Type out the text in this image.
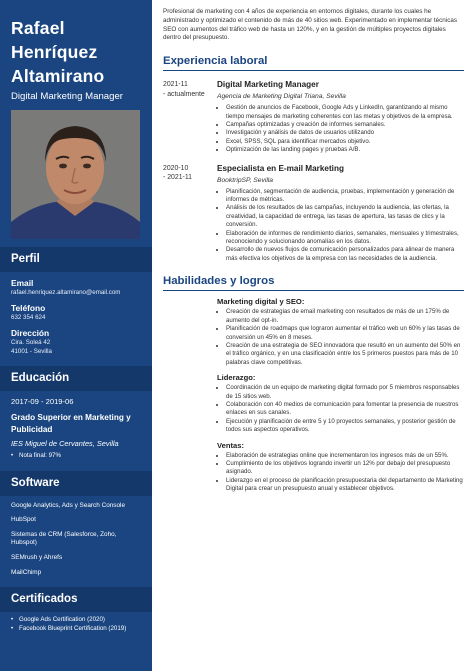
Rafael
Henríquez
Altamirano
Digital Marketing Manager
Perfil
Email
rafael.henriquez.altamirano@email.com
Teléfono
632 354 624
Dirección
Cira. Soleá 42
41001 - Sevilla
Educación
2017-09 - 2019-06
Grado Superior en Marketing y Publicidad
IES Miguel de Cervantes, Sevilla
• Nota final: 97%
Software
Google Analytics, Ads y Search Console
HubSpot
Sistemas de CRM (Salesforce, Zoho, Hubspot)
SEMrush y Ahrefs
MailChimp
Certificados
• Google Ads Certification (2020)
• Facebook Blueprint Certification (2019)
Profesional de marketing con 4 años de experiencia en entornos digitales, durante los cuales he administrado y optimizado el contenido de más de 40 sitios web. Experimentado en implementar técnicas SEO con aumentos del tráfico web de hasta un 120%, y en la gestión de múltiples proyectos digitales dentro del presupuesto.
Experiencia laboral
2021-11
- actualmente
Digital Marketing Manager
Agencia de Marketing Digital Triana, Sevilla
• Gestión de anuncios de Facebook, Google Ads y LinkedIn, garantizando al mismo tiempo mensajes de marketing coherentes con las metas y objetivos de la empresa.
• Campañas optimizadas y creación de informes semanales.
• Investigación y análisis de datos de usuarios utilizando
• Excel, SPSS, SQL para identificar mercados objetivo.
• Optimización de las landing pages y pruebas A/B.
2020-10
- 2021-11
Especialista en E-mail Marketing
BooktripSP, Sevilla
• Planificación, segmentación de audiencia, pruebas, implementación y generación de informes de métricas.
• Análisis de los resultados de las campañas, incluyendo la audiencia, las ofertas, la creatividad, la capacidad de entrega, las tasas de apertura, las tasas de clics y la conversión.
• Elaboración de informes de rendimiento diarios, semanales, mensuales y trimestrales, reconociendo y solucionando anomalías en los datos.
• Desarrollo de nuevos flujos de comunicación personalizados para alinear de manera más efectiva los objetivos de la empresa con las necesidades de la audiencia.
Habilidades y logros
Marketing digital y SEO:
• Creación de estrategias de email marketing con resultados de más de un 175% de aumento del opt-in.
• Planificación de roadmaps que lograron aumentar el tráfico web un 60% y las tasas de conversión un 45% en 8 meses.
• Creación de una estrategia de SEO innovadora que resultó en un aumento del 50% en el tráfico orgánico, y en una clasificación entre los 5 primeros puestos para más de 10 palabras clave competitivas.
Liderazgo:
• Coordinación de un equipo de marketing digital formado por 5 miembros responsables de 15 sitios web.
• Colaboración con 40 medios de comunicación para fomentar la presencia de nuestros enlaces en sus canales.
• Ejecución y planificación de entre 5 y 10 proyectos semanales, y posterior gestión de todos sus aspectos operativos.
Ventas:
• Elaboración de estrategias online que incrementaron los ingresos más de un 55%.
• Cumplimiento de los objetivos logrando invertir un 12% por debajo del presupuesto asignado.
• Liderazgo en el proceso de planificación presupuestaria del departamento de Marketing Digital para crear un presupuesto anual y establecer objetivos.
